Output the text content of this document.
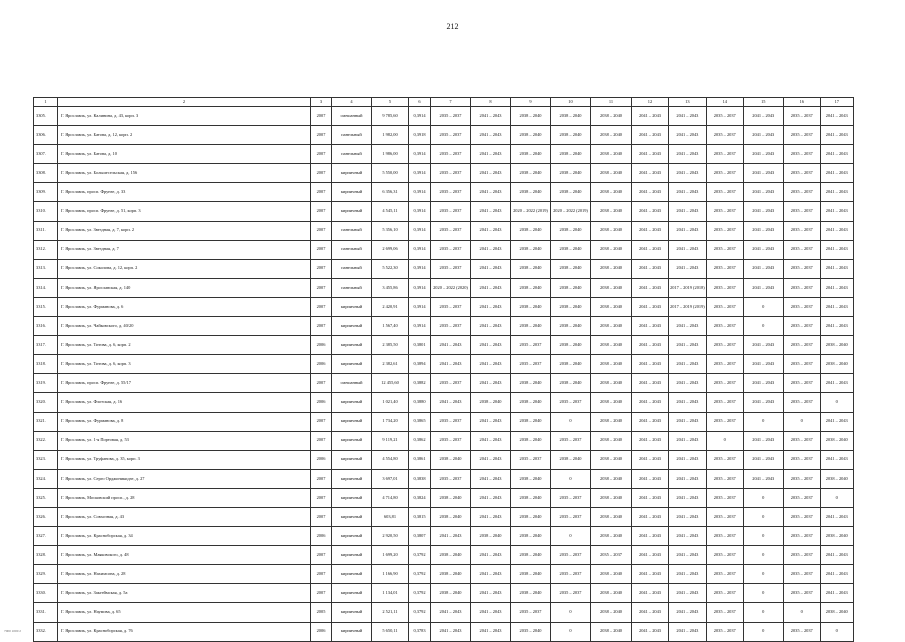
212
1	2	3	4	5	6	7	8	9	10	11	12	13	14	15	16	17
3305.	Г. Ярославль, ул. Калинина, д. 43, корп. 3	2007	смешанный	9 785,60	0,3914	2035 – 2037	2041 – 2043	2038 – 2040	2038 – 2040	2038 – 2040	2041 – 2043	2041 – 2043	2035 – 2037	2041 – 2043	2035 – 2037	2041 – 2043
3306.	Г. Ярославль, ул. Батова, д. 12, корп. 2	2007	панельный	1 982,00	0,3918	2035 – 2037	2041 – 2043	2038 – 2040	2038 – 2040	2038 – 2040	2041 – 2043	2041 – 2043	2035 – 2037	2041 – 2043	2035 – 2037	2041 – 2043
3307.	Г. Ярославль, ул. Батова, д. 10	2007	панельный	1 986,00	0,3914	2035 – 2037	2041 – 2043	2038 – 2040	2038 – 2040	2038 – 2040	2041 – 2043	2041 – 2043	2035 – 2037	2041 – 2043	2035 – 2037	2041 – 2043
3308.	Г. Ярославль, ул. Большесельская, д. 156	2007	кирпичный	5 550,00	0,3914	2035 – 2037	2041 – 2043	2038 – 2040	2038 – 2040	2038 – 2040	2041 – 2043	2041 – 2043	2035 – 2037	2041 – 2043	2035 – 2037	2041 – 2043
3309.	Г. Ярославль, просп. Фрунзе, д. 33	2007	кирпичный	6 356,31	0,3914	2035 – 2037	2041 – 2043	2038 – 2040	2038 – 2040	2038 – 2040	2041 – 2043	2041 – 2043	2035 – 2037	2041 – 2043	2035 – 2037	2041 – 2043
3310.	Г. Ярославль, просп. Фрунзе, д. 51, корп. 3	2007	кирпичный	4 545,11	0,3914	2035 – 2037	2041 – 2043	2020 – 2022 (2019)	2020 – 2022 (2019)	2038 – 2040	2041 – 2043	2041 – 2043	2035 – 2037	2041 – 2043	2035 – 2037	2041 – 2043
3311.	Г. Ярославль, ул. Звездная, д. 7, корп. 2	2007	панельный	5 356,10	0,3914	2035 – 2037	2041 – 2043	2038 – 2040	2038 – 2040	2038 – 2040	2041 – 2043	2041 – 2043	2035 – 2037	2041 – 2043	2035 – 2037	2041 – 2043
3312.	Г. Ярославль, ул. Звездная, д. 7	2007	панельный	2 699,06	0,3914	2035 – 2037	2041 – 2043	2038 – 2040	2038 – 2040	2038 – 2040	2041 – 2043	2041 – 2043	2035 – 2037	2041 – 2043	2035 – 2037	2041 – 2043
3313.	Г. Ярославль, ул. Соколова, д. 12, корп. 2	2007	панельный	5 522,30	0,3914	2035 – 2037	2041 – 2043	2038 – 2040	2038 – 2040	2038 – 2040	2041 – 2043	2041 – 2043	2035 – 2037	2041 – 2043	2035 – 2037	2041 – 2043
3314.	Г. Ярославль, ул. Ярославская, д. 140	2007	панельный	3 455,86	0,3914	2020 – 2022 (2020)	2041 – 2043	2038 – 2040	2038 – 2040	2038 – 2040	2041 – 2043	2017 – 2019 (2018)	2035 – 2037	2041 – 2043	2035 – 2037	2041 – 2043
3315.	Г. Ярославль, ул. Фурманова, д. 6	2007	кирпичный	2 420,91	0,3914	2035 – 2037	2041 – 2043	2038 – 2040	2038 – 2040	2038 – 2040	2041 – 2043	2017 – 2019 (2019)	2035 – 2037	0	2035 – 2037	2041 – 2043
3316.	Г. Ярославль, ул. Чайковского, д. 40/20	2007	кирпичный	1 567,40	0,3914	2035 – 2037	2041 – 2043	2038 – 2040	2038 – 2040	2038 – 2040	2041 – 2043	2041 – 2043	2035 – 2037	0	2035 – 2037	2041 – 2043
3317.	Г. Ярославль, ул. Титова, д. 6, корп. 2	2006	кирпичный	2 385,50	0,3801	2041 – 2043	2041 – 2043	2035 – 2037	2038 – 2040	2038 – 2040	2041 – 2043	2041 – 2043	2035 – 2037	2041 – 2043	2035 – 2037	2038 – 2040
3318.	Г. Ярославль, ул. Титова, д. 6, корп. 3	2006	кирпичный	2 382,61	0,3894	2041 – 2043	2041 – 2043	2035 – 2037	2038 – 2040	2038 – 2040	2041 – 2043	2041 – 2043	2035 – 2037	2041 – 2043	2035 – 2037	2038 – 2040
3319.	Г. Ярославль, просп. Фрунзе, д. 55/17	2007	смешанный	12 455,60	0,3882	2035 – 2037	2041 – 2043	2038 – 2040	2038 – 2040	2038 – 2040	2041 – 2043	2041 – 2043	2035 – 2037	2041 – 2043	2035 – 2037	2041 – 2043
3320.	Г. Ярославль, ул. Флотская, д. 16	2006	кирпичный	1 021,40	0,3880	2041 – 2043	2038 – 2040	2038 – 2040	2035 – 2037	2038 – 2040	2041 – 2043	2041 – 2043	2035 – 2037	2041 – 2043	2035 – 2037	0
3321.	Г. Ярославль, ул. Фурманова, д. 8	2007	кирпичный	1 734,20	0,3865	2035 – 2037	2041 – 2043	2038 – 2040	0	2038 – 2040	2041 – 2043	2041 – 2043	2035 – 2037	0	0	2041 – 2043
3322.	Г. Ярославль, ул. 1-я Портовая, д. 53	2007	кирпичный	9 119,21	0,3862	2035 – 2037	2041 – 2043	2038 – 2040	2035 – 2037	2038 – 2040	2041 – 2043	2041 – 2043	0	2041 – 2043	2035 – 2037	2038 – 2040
3323.	Г. Ярославль, ул. Труфанова, д. 35, корп. 3	2006	кирпичный	4 554,80	0,3861	2038 – 2040	2041 – 2043	2035 – 2037	2038 – 2040	2038 – 2040	2041 – 2043	2041 – 2043	2035 – 2037	2041 – 2043	2035 – 2037	2041 – 2043
3324.	Г. Ярославль, ул. Серго Орджоникидзе, д. 27	2007	кирпичный	3 697,01	0,3838	2035 – 2037	2041 – 2043	2038 – 2040	0	2038 – 2040	2041 – 2043	2041 – 2043	2035 – 2037	2041 – 2043	2035 – 2037	2038 – 2040
3325.	Г. Ярославль, Московский просп., д. 28	2007	кирпичный	4 714,80	0,3824	2038 – 2040	2041 – 2043	2038 – 2040	2035 – 2037	2038 – 2040	2041 – 2043	2041 – 2043	2035 – 2037	0	2035 – 2037	0
3326.	Г. Ярославль, ул. Совхозная, д. 43	2007	кирпичный	603,81	0,3815	2038 – 2040	2041 – 2043	2038 – 2040	2035 – 2037	2038 – 2040	2041 – 2043	2041 – 2043	2035 – 2037	0	2035 – 2037	2041 – 2043
3327.	Г. Ярославль, ул. Красноборская, д. 34	2006	кирпичный	2 920,50	0,3807	2041 – 2043	2038 – 2040	2038 – 2040	0	2038 – 2040	2041 – 2043	2041 – 2043	2035 – 2037	0	2035 – 2037	2038 – 2040
3328.	Г. Ярославль, ул. Маяковского, д. 48	2007	кирпичный	1 699,20	0,3792	2038 – 2040	2041 – 2043	2038 – 2040	2035 – 2037	2035 – 2037	2041 – 2043	2041 – 2043	2035 – 2037	0	2035 – 2037	2041 – 2043
3329.	Г. Ярославль, ул. Нахимсона, д. 28	2007	кирпичный	1 166,90	0,3792	2038 – 2040	2041 – 2043	2038 – 2040	2035 – 2037	2038 – 2040	2041 – 2043	2041 – 2043	2035 – 2037	0	2035 – 2037	2041 – 2043
3330.	Г. Ярославль, ул. Закгеймская, д. 5а	2007	кирпичный	1 134,01	0,3792	2038 – 2040	2041 – 2043	2038 – 2040	2035 – 2037	2038 – 2040	2041 – 2043	2041 – 2043	2035 – 2037	0	2035 – 2037	2041 – 2043
3331.	Г. Ярославль, ул. Наумова, д. 65	2005	кирпичный	2 521,11	0,3792	2041 – 2043	2041 – 2043	2035 – 2037	0	2038 – 2040	2041 – 2043	2041 – 2043	2035 – 2037	0	0	2038 – 2040
3332.	Г. Ярославль, ул. Красноборская, д. 76	2006	кирпичный	5 650,11	0,3783	2041 – 2043	2041 – 2043	2035 – 2040	0	2038 – 2040	2041 – 2043	2041 – 2043	2035 – 2037	0	2035 – 2037	0
7000 1000 2
